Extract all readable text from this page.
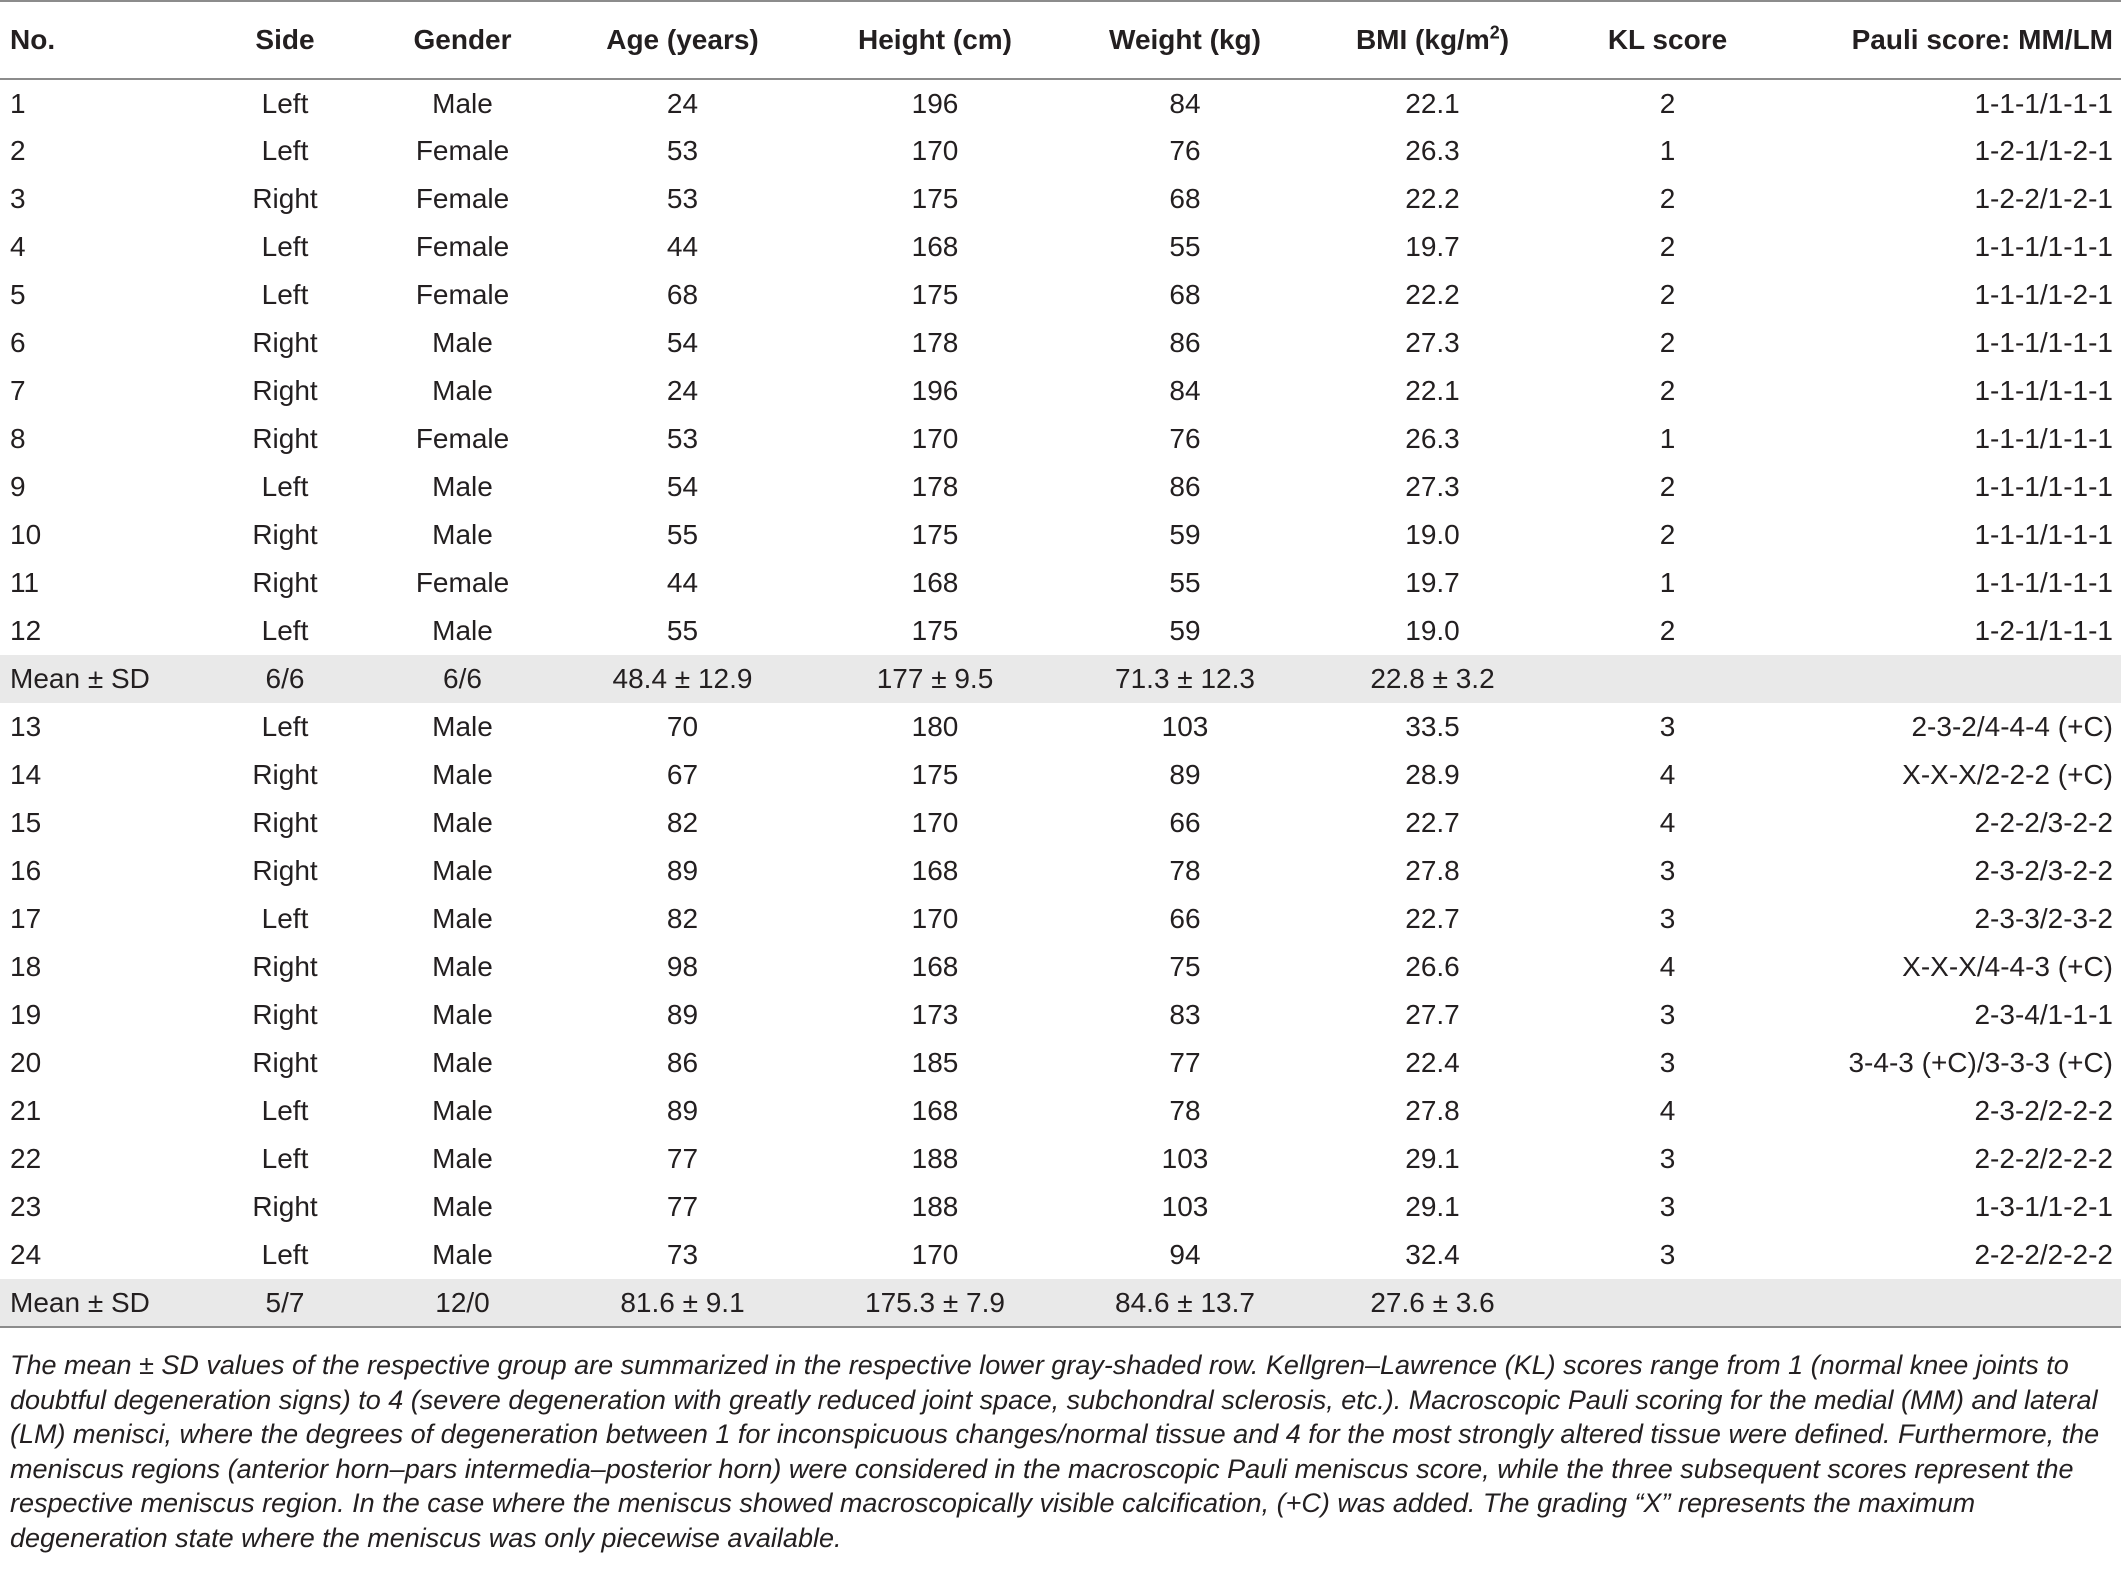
No.	Side	Gender	Age (years)	Height (cm)	Weight (kg)	BMI $(kg/m^2)$	KL score	Pauli score: MM/LM
1	Left	Male	24	196	84	22.1	2	1-1-1/1-1-1
2	Left	Female	53	170	76	26.3	1	1-2-1/1-2-1
3	Right	Female	53	175	68	22.2	2	1-2-2/1-2-1
4	Left	Female	44	168	55	19.7	2	1-1-1/1-1-1
5	Left	Female	68	175	68	22.2	2	1-1-1/1-2-1
6	Right	Male	54	178	86	27.3	2	1-1-1/1-1-1
7	Right	Male	24	196	84	22.1	2	1-1-1/1-1-1
8	Right	Female	53	170	76	26.3	1	1-1-1/1-1-1
9	Left	Male	54	178	86	27.3	2	1-1-1/1-1-1
10	Right	Male	55	175	59	19.0	2	1-1-1/1-1-1
11	Right	Female	44	168	55	19.7	1	1-1-1/1-1-1
12	Left	Male	55	175	59	19.0	2	1-2-1/1-1-1
Mean ± SD	6/6	6/6	48.4 ± 12.9	177 ± 9.5	71.3 ± 12.3	22.8 ± 3.2		
13	Left	Male	70	180	103	33.5	3	2-3-2/4-4-4 (+C)
14	Right	Male	67	175	89	28.9	4	X-X-X/2-2-2 (+C)
15	Right	Male	82	170	66	22.7	4	2-2-2/3-2-2
16	Right	Male	89	168	78	27.8	3	2-3-2/3-2-2
17	Left	Male	82	170	66	22.7	3	2-3-3/2-3-2
18	Right	Male	98	168	75	26.6	4	X-X-X/4-4-3 (+C)
19	Right	Male	89	173	83	27.7	3	2-3-4/1-1-1
20	Right	Male	86	185	77	22.4	3	3-4-3 (+C)/3-3-3 (+C)
21	Left	Male	89	168	78	27.8	4	2-3-2/2-2-2
22	Left	Male	77	188	103	29.1	3	2-2-2/2-2-2
23	Right	Male	77	188	103	29.1	3	1-3-1/1-2-1
24	Left	Male	73	170	94	32.4	3	2-2-2/2-2-2
Mean ± SD	5/7	12/0	81.6 ± 9.1	175.3 ± 7.9	84.6 ± 13.7	27.6 ± 3.6		
The mean ± SD values of the respective group are summarized in the respective lower gray-shaded row. Kellgren–Lawrence (KL) scores range from 1 (normal knee joints to doubtful degeneration signs) to 4 (severe degeneration with greatly reduced joint space, subchondral sclerosis, etc.). Macroscopic Pauli scoring for the medial (MM) and lateral (LM) menisci, where the degrees of degeneration between 1 for inconspicuous changes/normal tissue and 4 for the most strongly altered tissue were defined. Furthermore, the meniscus regions (anterior horn–pars intermedia–posterior horn) were considered in the macroscopic Pauli meniscus score, while the three subsequent scores represent the respective meniscus region. In the case where the meniscus showed macroscopically visible calcification, (+C) was added. The grading “X” represents the maximum degeneration state where the meniscus was only piecewise available.
